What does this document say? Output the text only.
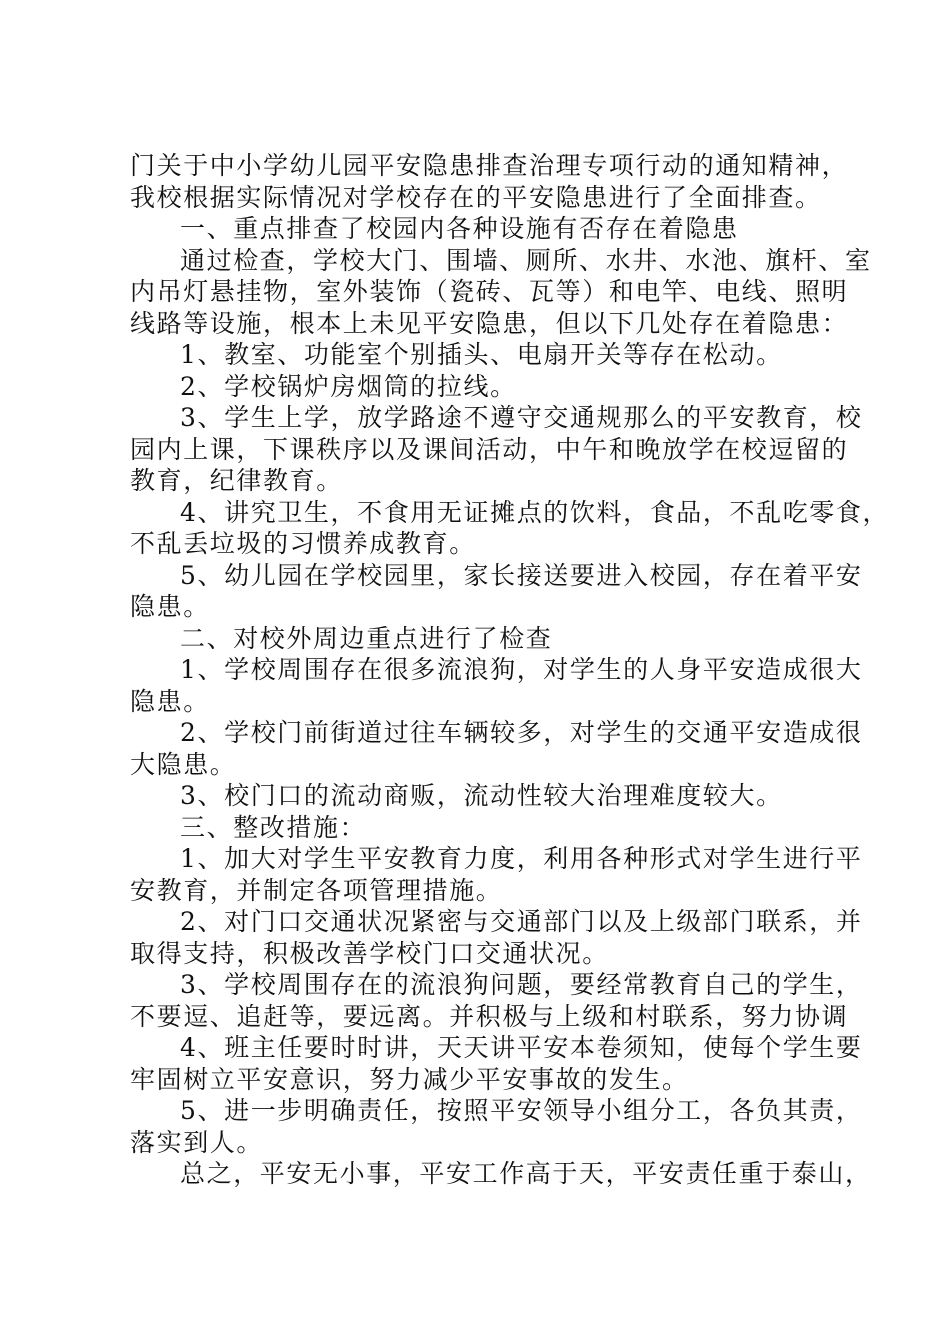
门关于中小学幼儿园平安隐患排查治理专项行动的通知精神，
我校根据实际情况对学校存在的平安隐患进行了全面排查。
一、重点排查了校园内各种设施有否存在着隐患
通过检查，学校大门、围墙、厕所、水井、水池、旗杆、室
内吊灯悬挂物，室外装饰（瓷砖、瓦等）和电竿、电线、照明
线路等设施，根本上未见平安隐患，但以下几处存在着隐患：
1、教室、功能室个别插头、电扇开关等存在松动。
2、学校锅炉房烟筒的拉线。
3、学生上学，放学路途不遵守交通规那么的平安教育，校
园内上课，下课秩序以及课间活动，中午和晚放学在校逗留的
教育，纪律教育。
4、讲究卫生，不食用无证摊点的饮料，食品，不乱吃零食，
不乱丢垃圾的习惯养成教育。
5、幼儿园在学校园里，家长接送要进入校园，存在着平安
隐患。
二、对校外周边重点进行了检查
1、学校周围存在很多流浪狗，对学生的人身平安造成很大
隐患。
2、学校门前街道过往车辆较多，对学生的交通平安造成很
大隐患。
3、校门口的流动商贩，流动性较大治理难度较大。
三、整改措施：
1、加大对学生平安教育力度，利用各种形式对学生进行平
安教育，并制定各项管理措施。
2、对门口交通状况紧密与交通部门以及上级部门联系，并
取得支持，积极改善学校门口交通状况。
3、学校周围存在的流浪狗问题，要经常教育自己的学生，
不要逗、追赶等，要远离。并积极与上级和村联系，努力协调
4、班主任要时时讲，天天讲平安本卷须知，使每个学生要
牢固树立平安意识，努力减少平安事故的发生。
5、进一步明确责任，按照平安领导小组分工，各负其责，
落实到人。
总之，平安无小事，平安工作高于天，平安责任重于泰山，
